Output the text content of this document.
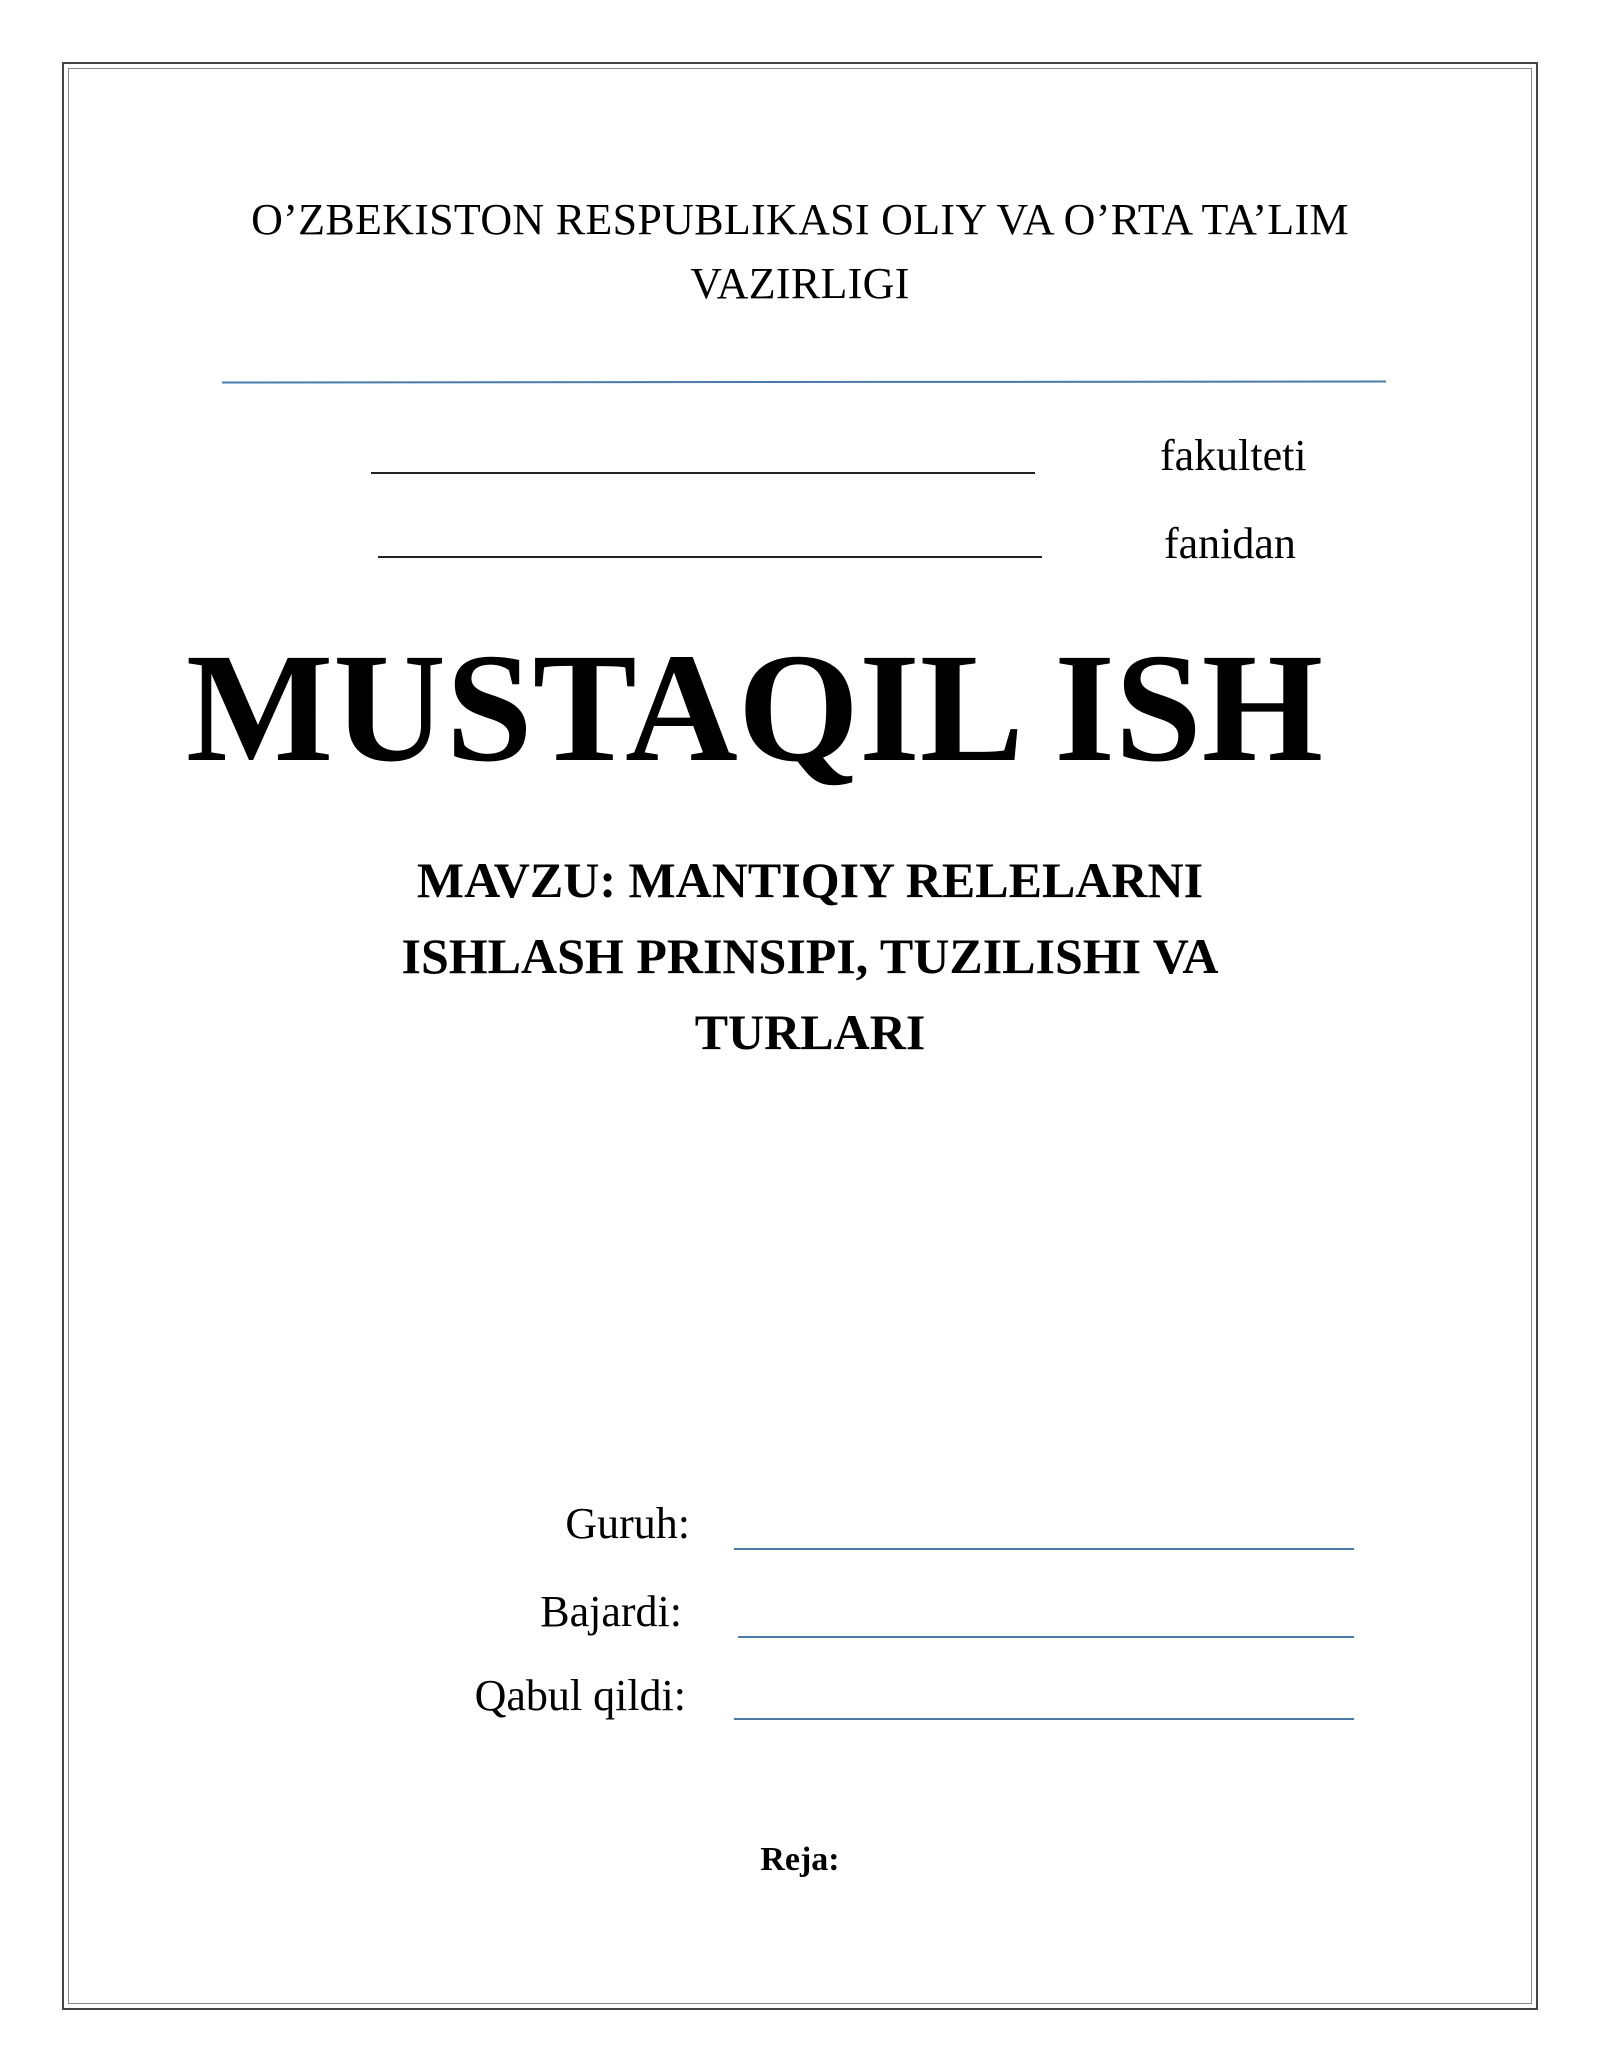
O’ZBEKISTON RESPUBLIKASI OLIY VA O’RTA TA’LIM
VAZIRLIGI
fakulteti
fanidan
MUSTAQIL ISH
MAVZU: MANTIQIY RELELARNI
ISHLASH PRINSIPI, TUZILISHI VA
TURLARI
Guruh:
Bajardi:
Qabul qildi:
Reja:
